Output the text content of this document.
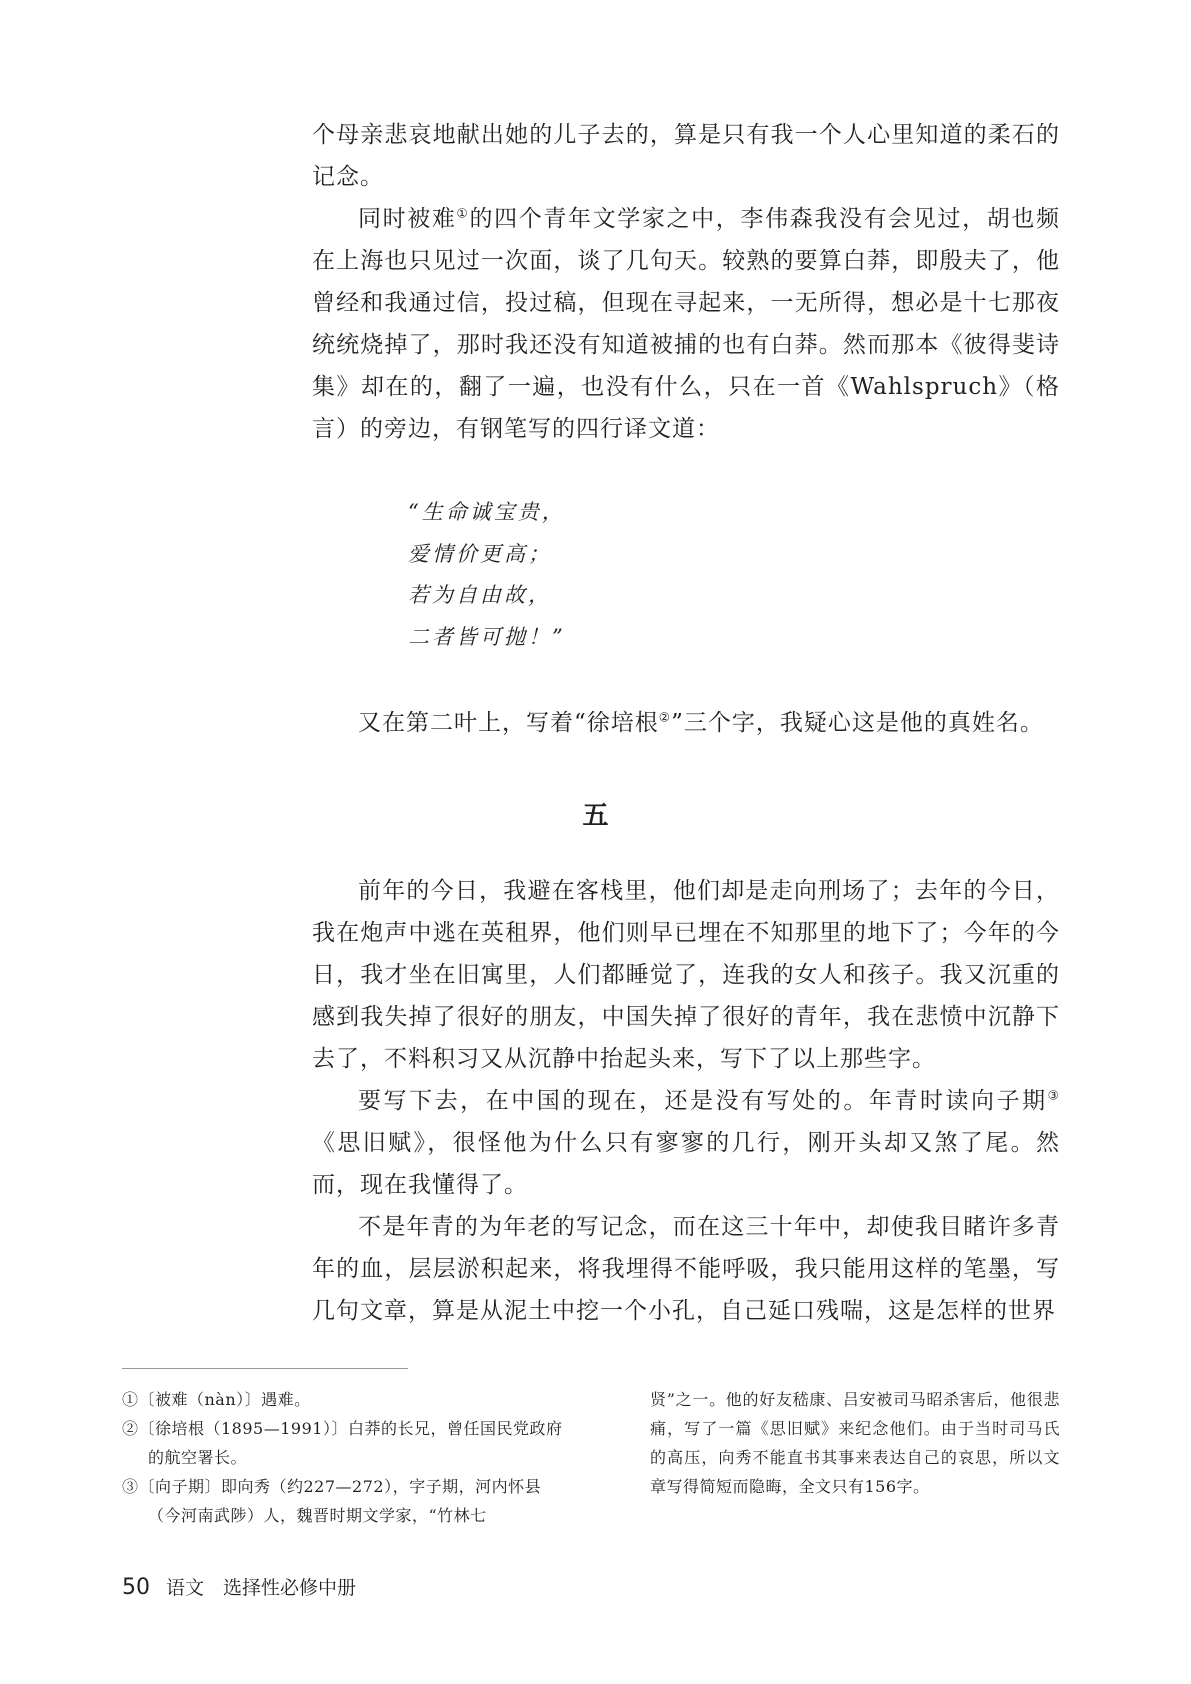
个母亲悲哀地献出她的儿子去的，算是只有我一个人心里知道的柔石的记念。

同时被难①的四个青年文学家之中，李伟森我没有会见过，胡也频在上海也只见过一次面，谈了几句天。较熟的要算白莽，即殷夫了，他曾经和我通过信，投过稿，但现在寻起来，一无所得，想必是十七那夜统统烧掉了，那时我还没有知道被捕的也有白莽。然而那本《彼得斐诗集》却在的，翻了一遍，也没有什么，只在一首《Wahlspruch》（格言）的旁边，有钢笔写的四行译文道：

“生命诚宝贵，
爱情价更高；
若为自由故，
二者皆可抛！”

又在第二叶上，写着“徐培根②”三个字，我疑心这是他的真姓名。

五

前年的今日，我避在客栈里，他们却是走向刑场了；去年的今日，我在炮声中逃在英租界，他们则早已埋在不知那里的地下了；今年的今日，我才坐在旧寓里，人们都睡觉了，连我的女人和孩子。我又沉重的感到我失掉了很好的朋友，中国失掉了很好的青年，我在悲愤中沉静下去了，不料积习又从沉静中抬起头来，写下了以上那些字。

要写下去，在中国的现在，还是没有写处的。年青时读向子期③《思旧赋》，很怪他为什么只有寥寥的几行，刚开头却又煞了尾。然而，现在我懂得了。

不是年青的为年老的写记念，而在这三十年中，却使我目睹许多青年的血，层层淤积起来，将我埋得不能呼吸，我只能用这样的笔墨，写几句文章，算是从泥土中挖一个小孔，自己延口残喘，这是怎样的世界

①〔被难（nàn）〕遇难。

②〔徐培根（1895—1991）〕白莽的长兄，曾任国民党政府的航空署长。

③〔向子期〕即向秀（约227—272），字子期，河内怀县（今河南武陟）人，魏晋时期文学家，“竹林七

贤”之一。他的好友嵇康、吕安被司马昭杀害后，他很悲痛，写了一篇《思旧赋》来纪念他们。由于当时司马氏的高压，向秀不能直书其事来表达自己的哀思，所以文章写得简短而隐晦，全文只有156字。

50 语文　选择性必修中册
